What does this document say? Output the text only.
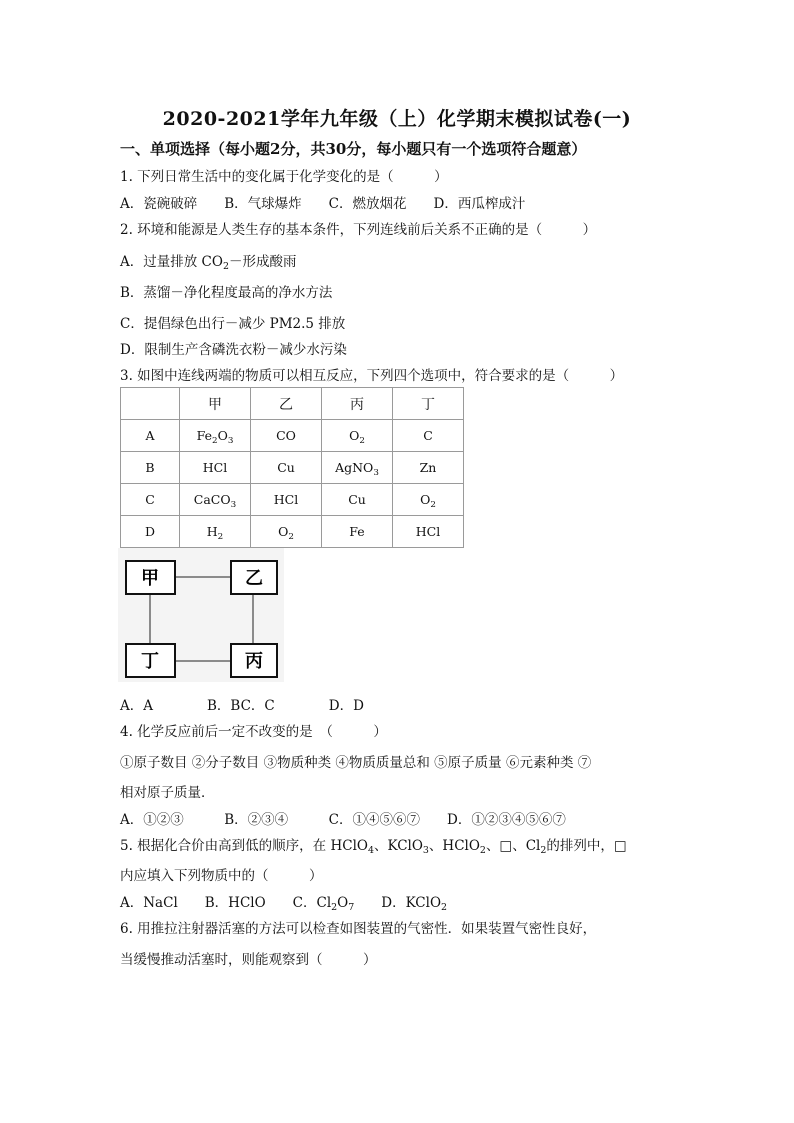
2020-2021学年九年级（上）化学期末模拟试卷(一)
一、单项选择（每小题2分，共30分，每小题只有一个选项符合题意）
1. 下列日常生活中的变化属于化学变化的是（　　　）
A．瓷碗破碎　　B．气球爆炸　　C．燃放烟花　　D．西瓜榨成汁
2. 环境和能源是人类生存的基本条件，下列连线前后关系不正确的是（　　　）
A．过量排放 $CO_2-$形成酸雨
B．蒸馏－净化程度最高的净水方法
C．提倡绿色出行－减少 PM2.5 排放
D．限制生产含磷洗衣粉－减少水污染
3. 如图中连线两端的物质可以相互反应，下列四个选项中，符合要求的是（　　　）
	甲	乙	丙	丁
A	$Fe_2O_3$	CO	$O_2$	C
B	HCl	Cu	AgNO$_3$	Zn
C	CaCO$_3$	HCl	Cu	$O_2$
D	$H_2$	$O_2$	Fe	HCl
甲	乙
丁	丙
A．A　　　　B．BC．C　　　　D．D
4. 化学反应前后一定不改变的是　（　　　）
①原子数目 ②分子数目 ③物质种类 ④物质质量总和 ⑤原子质量 ⑥元素种类 ⑦
相对原子质量．
A．①②③　　　B．②③④　　　C．①④⑤⑥⑦　　D．①②③④⑤⑥⑦
5. 根据化合价由高到低的顺序，在 HClO$_4$、KClO$_3$、HClO$_2$、□、$Cl_2$的排列中，□
内应填入下列物质中的（　　　）
A．NaCl　　B．HClO　　C．$Cl_2O_7$　　D．KClO$_2$
6. 用推拉注射器活塞的方法可以检查如图装置的气密性．如果装置气密性良好，
当缓慢推动活塞时，则能观察到（　　　）
